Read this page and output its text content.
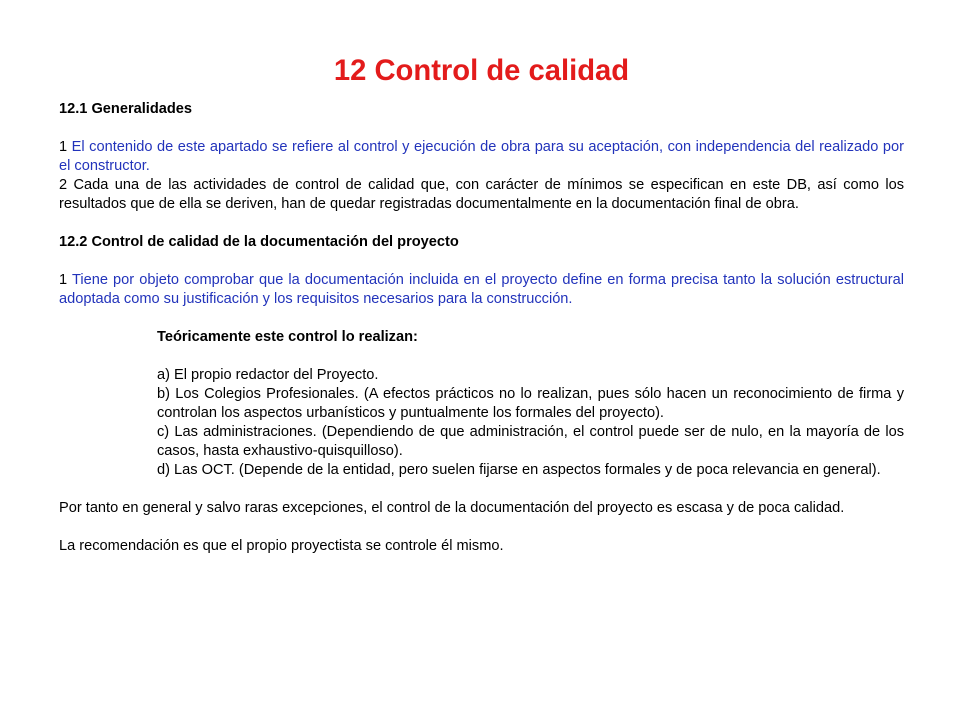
12 Control de calidad
12.1 Generalidades

1 El contenido de este apartado se refiere al control y ejecución de obra para su aceptación, con independencia del realizado por el constructor.

2 Cada una de las actividades de control de calidad que, con carácter de mínimos se especifican en este DB, así como los resultados que de ella se deriven, han de quedar registradas documentalmente en la documentación final de obra.

12.2 Control de calidad de la documentación del proyecto

1 Tiene por objeto comprobar que la documentación incluida en el proyecto define en forma precisa tanto la solución estructural adoptada como su justificación y los requisitos necesarios para la construcción.

Teóricamente este control lo realizan:

a) El propio redactor del Proyecto.

b) Los Colegios Profesionales. (A efectos prácticos no lo realizan, pues sólo hacen un reconocimiento de firma y controlan los aspectos urbanísticos y puntualmente los formales del proyecto).

c) Las administraciones. (Dependiendo de que administración, el control puede ser de nulo, en la mayoría de los casos, hasta exhaustivo-quisquilloso).

d) Las OCT. (Depende de la entidad, pero suelen fijarse en aspectos formales y de poca relevancia en general).

Por tanto en general y salvo raras excepciones, el control de la documentación del proyecto es escasa y de poca calidad.

La recomendación es que el propio proyectista se controle él mismo.
